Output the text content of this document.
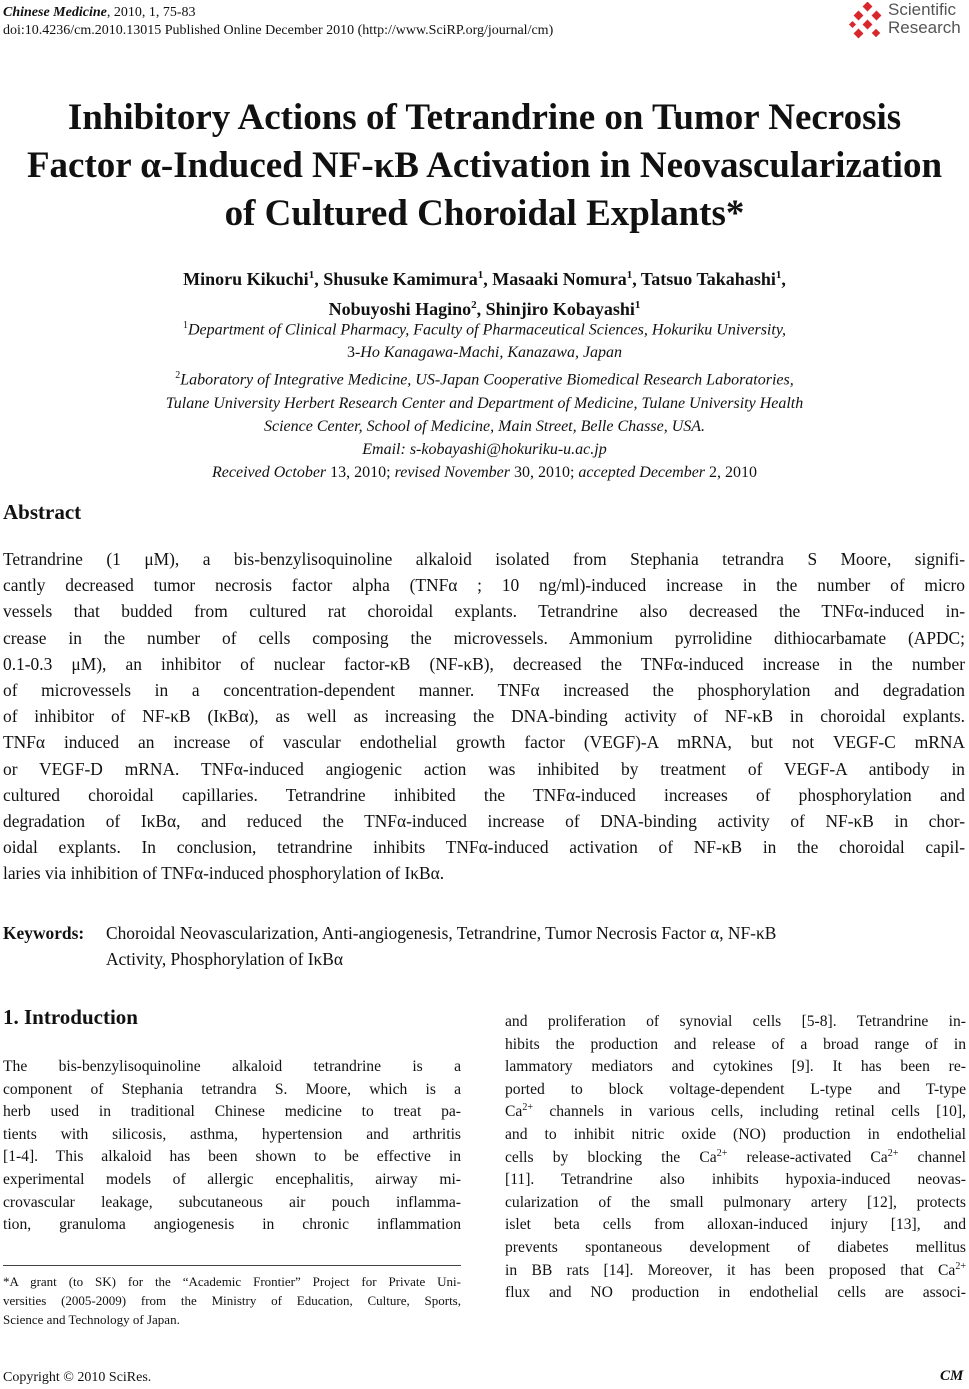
Chinese Medicine, 2010, 1, 75-83
doi:10.4236/cm.2010.13015 Published Online December 2010 (http://www.SciRP.org/journal/cm)
Scientific
Research
Inhibitory Actions of Tetrandrine on Tumor Necrosis
Factor α-Induced NF-κB Activation in Neovascularization
of Cultured Choroidal Explants*
Minoru Kikuchi$^1$, Shusuke Kamimura$^1$, Masaaki Nomura$^1$, Tatsuo Takahashi$^1$,
Nobuyoshi Hagino$^2$, Shinjiro Kobayashi$^1$
$^1$Department of Clinical Pharmacy, Faculty of Pharmaceutical Sciences, Hokuriku University,
3-Ho Kanagawa-Machi, Kanazawa, Japan
$^2$Laboratory of Integrative Medicine, US-Japan Cooperative Biomedical Research Laboratories,
Tulane University Herbert Research Center and Department of Medicine, Tulane University Health
Science Center, School of Medicine, Main Street, Belle Chasse, USA.
Email: s-kobayashi@hokuriku-u.ac.jp
Received October 13, 2010; revised November 30, 2010; accepted December 2, 2010
Abstract
Tetrandrine (1 μM), a bis-benzylisoquinoline alkaloid isolated from Stephania tetrandra S Moore, signifi-
cantly decreased tumor necrosis factor alpha (TNFα ; 10 ng/ml)-induced increase in the number of micro
vessels that budded from cultured rat choroidal explants. Tetrandrine also decreased the TNFα-induced in-
crease in the number of cells composing the microvessels. Ammonium pyrrolidine dithiocarbamate (APDC;
0.1-0.3 μM), an inhibitor of nuclear factor-κB (NF-κB), decreased the TNFα-induced increase in the number
of microvessels in a concentration-dependent manner. TNFα increased the phosphorylation and degradation
of inhibitor of NF-κB (IκBα), as well as increasing the DNA-binding activity of NF-κB in choroidal explants.
TNFα induced an increase of vascular endothelial growth factor (VEGF)-A mRNA, but not VEGF-C mRNA
or VEGF-D mRNA. TNFα-induced angiogenic action was inhibited by treatment of VEGF-A antibody in
cultured choroidal capillaries. Tetrandrine inhibited the TNFα-induced increases of phosphorylation and
degradation of IκBα, and reduced the TNFα-induced increase of DNA-binding activity of NF-κB in chor-
oidal explants. In conclusion, tetrandrine inhibits TNFα-induced activation of NF-κB in the choroidal capil-
laries via inhibition of TNFα-induced phosphorylation of IκBα.
Keywords: Choroidal Neovascularization, Anti-angiogenesis, Tetrandrine, Tumor Necrosis Factor α, NF-κB
Activity, Phosphorylation of IκBα
1. Introduction
The bis-benzylisoquinoline alkaloid tetrandrine is a
component of Stephania tetrandra S. Moore, which is a
herb used in traditional Chinese medicine to treat pa-
tients with silicosis, asthma, hypertension and arthritis
[1-4]. This alkaloid has been shown to be effective in
experimental models of allergic encephalitis, airway mi-
crovascular leakage, subcutaneous air pouch inflamma-
tion, granuloma angiogenesis in chronic inflammation
and proliferation of synovial cells [5-8]. Tetrandrine in-
hibits the production and release of a broad range of in
lammatory mediators and cytokines [9]. It has been re-
ported to block voltage-dependent L-type and T-type
$Ca^{2+}$ channels in various cells, including retinal cells [10],
and to inhibit nitric oxide (NO) production in endothelial
cells by blocking the $Ca^{2+}$ release-activated $Ca^{2+}$ channel
[11]. Tetrandrine also inhibits hypoxia-induced neovas-
cularization of the small pulmonary artery [12], protects
islet beta cells from alloxan-induced injury [13], and
prevents spontaneous development of diabetes mellitus
in BB rats [14]. Moreover, it has been proposed that $Ca^{2+}$
flux and NO production in endothelial cells are associ-
*A grant (to SK) for the “Academic Frontier” Project for Private Uni-
versities (2005-2009) from the Ministry of Education, Culture, Sports,
Science and Technology of Japan.
Copyright © 2010 SciRes.	CM
